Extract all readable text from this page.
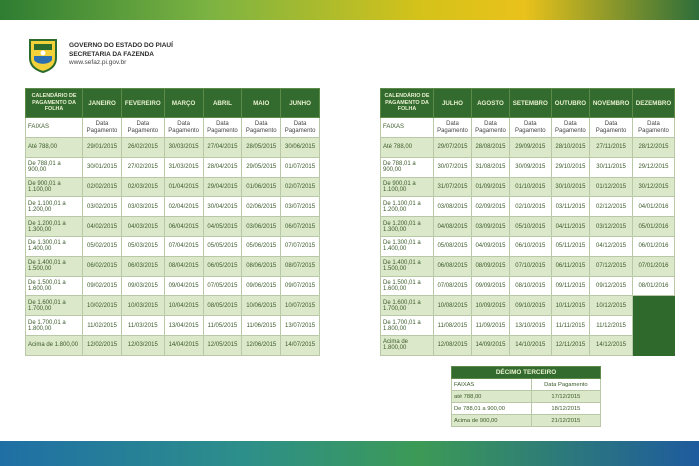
GOVERNO DO ESTADO DO PIAUÍ
SECRETARIA DA FAZENDA
www.sefaz.pi.gov.br
CALENDÁRIO DE PAGAMENTO DA FOLHA	JANEIRO	FEVEREIRO	MARÇO	ABRIL	MAIO	JUNHO
FAIXAS	Data Pagamento	Data Pagamento	Data Pagamento	Data Pagamento	Data Pagamento	Data Pagamento
Até 788,00	29/01/2015	26/02/2015	30/03/2015	27/04/2015	28/05/2015	30/06/2015
De 788,01 a 900,00	30/01/2015	27/02/2015	31/03/2015	28/04/2015	29/05/2015	01/07/2015
De 900,01 a 1.100,00	02/02/2015	02/03/2015	01/04/2015	29/04/2015	01/06/2015	02/07/2015
De 1.100,01 a 1.200,00	03/02/2015	03/03/2015	02/04/2015	30/04/2015	02/06/2015	03/07/2015
De 1.200,01 a 1.300,00	04/02/2015	04/03/2015	06/04/2015	04/05/2015	03/06/2015	06/07/2015
De 1.300,01 a 1.400,00	05/02/2015	05/03/2015	07/04/2015	05/05/2015	05/06/2015	07/07/2015
De 1.400,01 a 1.500,00	06/02/2015	06/03/2015	08/04/2015	06/05/2015	08/06/2015	08/07/2015
De 1.500,01 a 1.600,00	09/02/2015	09/03/2015	09/04/2015	07/05/2015	09/06/2015	09/07/2015
De 1.600,01 a 1.700,00	10/02/2015	10/03/2015	10/04/2015	08/05/2015	10/06/2015	10/07/2015
De 1.700,01 a 1.800,00	11/02/2015	11/03/2015	13/04/2015	11/05/2015	11/06/2015	13/07/2015
Acima de 1.800,00	12/02/2015	12/03/2015	14/04/2015	12/05/2015	12/06/2015	14/07/2015
CALENDÁRIO DE PAGAMENTO DA FOLHA	JULHO	AGOSTO	SETEMBRO	OUTUBRO	NOVEMBRO	DEZEMBRO
FAIXAS	Data Pagamento	Data Pagamento	Data Pagamento	Data Pagamento	Data Pagamento	Data Pagamento
Até 788,00	29/07/2015	28/08/2015	29/09/2015	28/10/2015	27/11/2015	28/12/2015
De 788,01 a 900,00	30/07/2015	31/08/2015	30/09/2015	29/10/2015	30/11/2015	29/12/2015
De 900,01 a 1.100,00	31/07/2015	01/09/2015	01/10/2015	30/10/2015	01/12/2015	30/12/2015
De 1.100,01 a 1.200,00	03/08/2015	02/09/2015	02/10/2015	03/11/2015	02/12/2015	04/01/2016
De 1.200,01 a 1.300,00	04/08/2015	03/09/2015	05/10/2015	04/11/2015	03/12/2015	05/01/2016
De 1.300,01 a 1.400,00	05/08/2015	04/09/2015	06/10/2015	05/11/2015	04/12/2015	06/01/2016
De 1.400,01 a 1.500,00	06/08/2015	08/09/2015	07/10/2015	06/11/2015	07/12/2015	07/01/2016
De 1.500,01 a 1.600,00	07/08/2015	09/09/2015	08/10/2015	09/11/2015	09/12/2015	08/01/2016
De 1.600,01 a 1.700,00	10/08/2015	10/09/2015	09/10/2015	10/11/2015	10/12/2015	
De 1.700,01 a 1.800,00	11/08/2015	11/09/2015	13/10/2015	11/11/2015	11/12/2015	
Acima de 1.800,00	12/08/2015	14/09/2015	14/10/2015	12/11/2015	14/12/2015	
DÉCIMO TERCEIRO	
FAIXAS	Data Pagamento
até 788,00	17/12/2015
De 788,01 a 900,00	18/12/2015
Acima de 900,00	21/12/2015
